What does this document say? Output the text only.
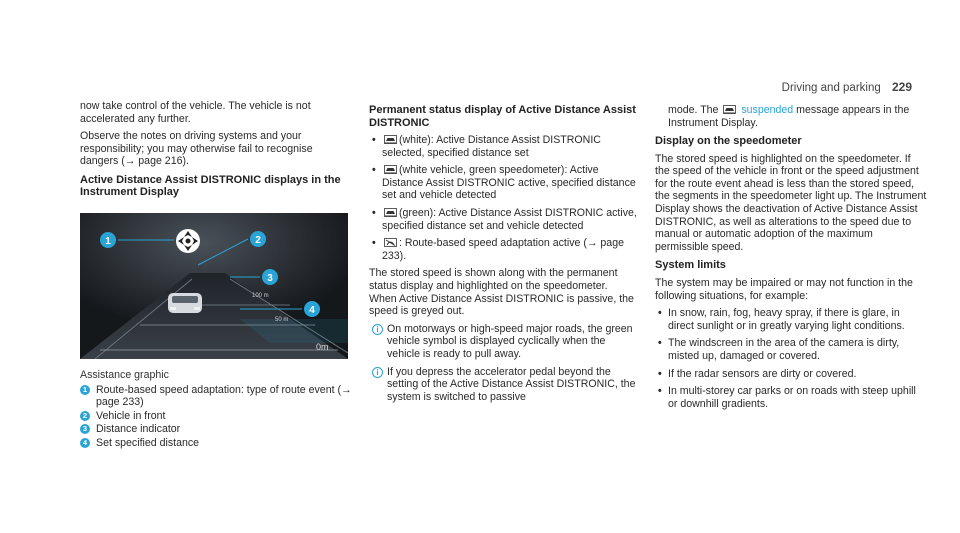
Driving and parking 229

now take control of the vehicle. The vehicle is not accelerated any further.

Observe the notes on driving systems and your responsibility; you may otherwise fail to recognise dangers (→ page 216).

Active Distance Assist DISTRONIC displays in the Instrument Display
100 m
50 m
0m
1	2
3
4

Assistance graphic

1 Route-based speed adaptation: type of route event (→ page 233)
2 Vehicle in front
3 Distance indicator
4 Set specified distance
Permanent status display of Active Distance Assist DISTRONIC
• (white): Active Distance Assist DISTRONIC selected, specified distance set
• (white vehicle, green speedometer): Active Distance Assist DISTRONIC active, specified distance set and vehicle detected
• (green): Active Distance Assist DISTRONIC active, specified distance set and vehicle detected
• : Route-based speed adaptation active (→ page 233).

The stored speed is shown along with the permanent status display and highlighted on the speedometer. When Active Distance Assist DISTRONIC is passive, the speed is greyed out.

i On motorways or high-speed major roads, the green vehicle symbol is displayed cyclically when the vehicle is ready to pull away.
i If you depress the accelerator pedal beyond the setting of the Active Distance Assist DISTRONIC, the system is switched to passive

mode. The suspended message appears in the Instrument Display.

Display on the speedometer

The stored speed is highlighted on the speedometer. If the speed of the vehicle in front or the speed adjustment for the route event ahead is less than the stored speed, the segments in the speedometer light up. The Instrument Display shows the deactivation of Active Distance Assist DISTRONIC, as well as alterations to the speed due to manual or automatic adoption of the maximum permissible speed.

System limits

The system may be impaired or may not function in the following situations, for example:

• In snow, rain, fog, heavy spray, if there is glare, in direct sunlight or in greatly varying light conditions.
• The windscreen in the area of the camera is dirty, misted up, damaged or covered.
• If the radar sensors are dirty or covered.
• In multi-storey car parks or on roads with steep uphill or downhill gradients.
